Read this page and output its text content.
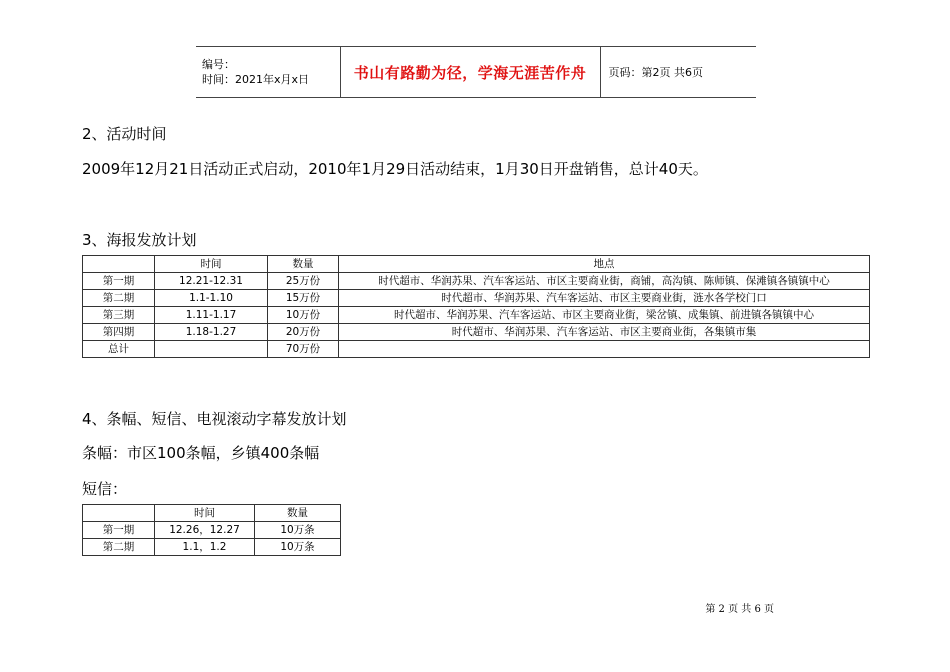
编号：
时间：2021年x月x日	书山有路勤为径，学海无涯苦作舟	页码：第2页 共6页
2、活动时间
2009年12月21日活动正式启动，2010年1月29日活动结束，1月30日开盘销售，总计40天。
3、海报发放计划
	时间	数量	地点
第一期	12.21-12.31	25万份	时代超市、华润苏果、汽车客运站、市区主要商业街，商铺，高沟镇、陈师镇、保滩镇各镇镇中心
第二期	1.1-1.10	15万份	时代超市、华润苏果、汽车客运站、市区主要商业街，涟水各学校门口
第三期	1.11-1.17	10万份	时代超市、华润苏果、汽车客运站、市区主要商业街，梁岔镇、成集镇、前进镇各镇镇中心
第四期	1.18-1.27	20万份	时代超市、华润苏果、汽车客运站、市区主要商业街，各集镇市集
总计		70万份	
4、条幅、短信、电视滚动字幕发放计划
条幅：市区100条幅，乡镇400条幅
短信：
	时间	数量
第一期	12.26，12.27	10万条
第二期	1.1，1.2	10万条
第 2 页 共 6 页
